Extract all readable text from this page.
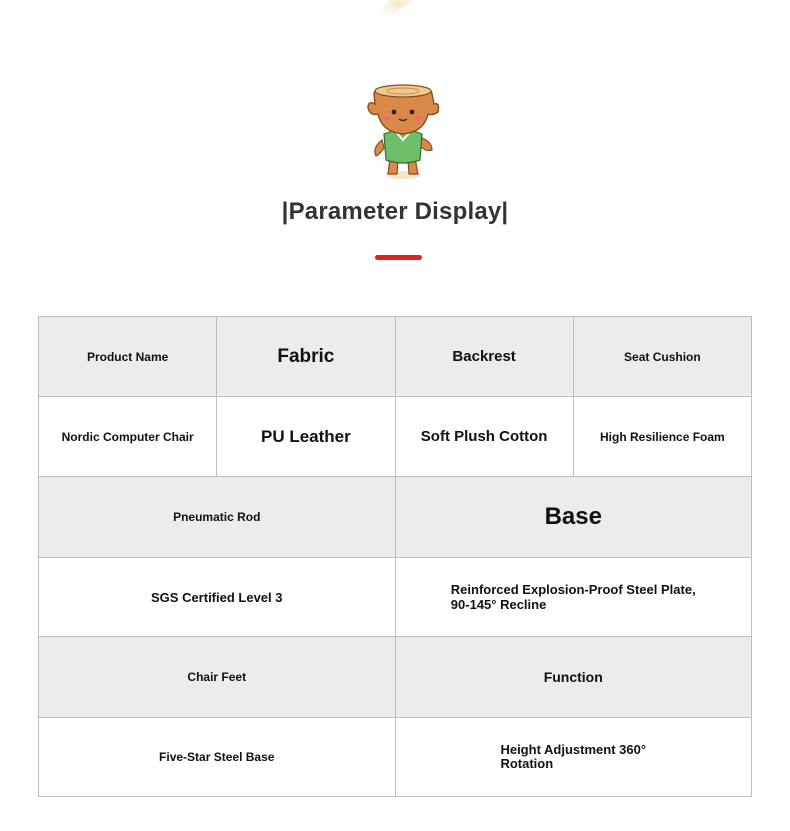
|Parameter Display|
Product Name	Fabric	Backrest	Seat Cushion
Nordic Computer Chair	PU Leather	Soft Plush Cotton	High Resilience Foam
Pneumatic Rod	Base
SGS Certified Level 3	Reinforced Explosion-Proof Steel Plate,
90-145° Recline
Chair Feet	Function
Five-Star Steel Base	Height Adjustment 360°
Rotation
